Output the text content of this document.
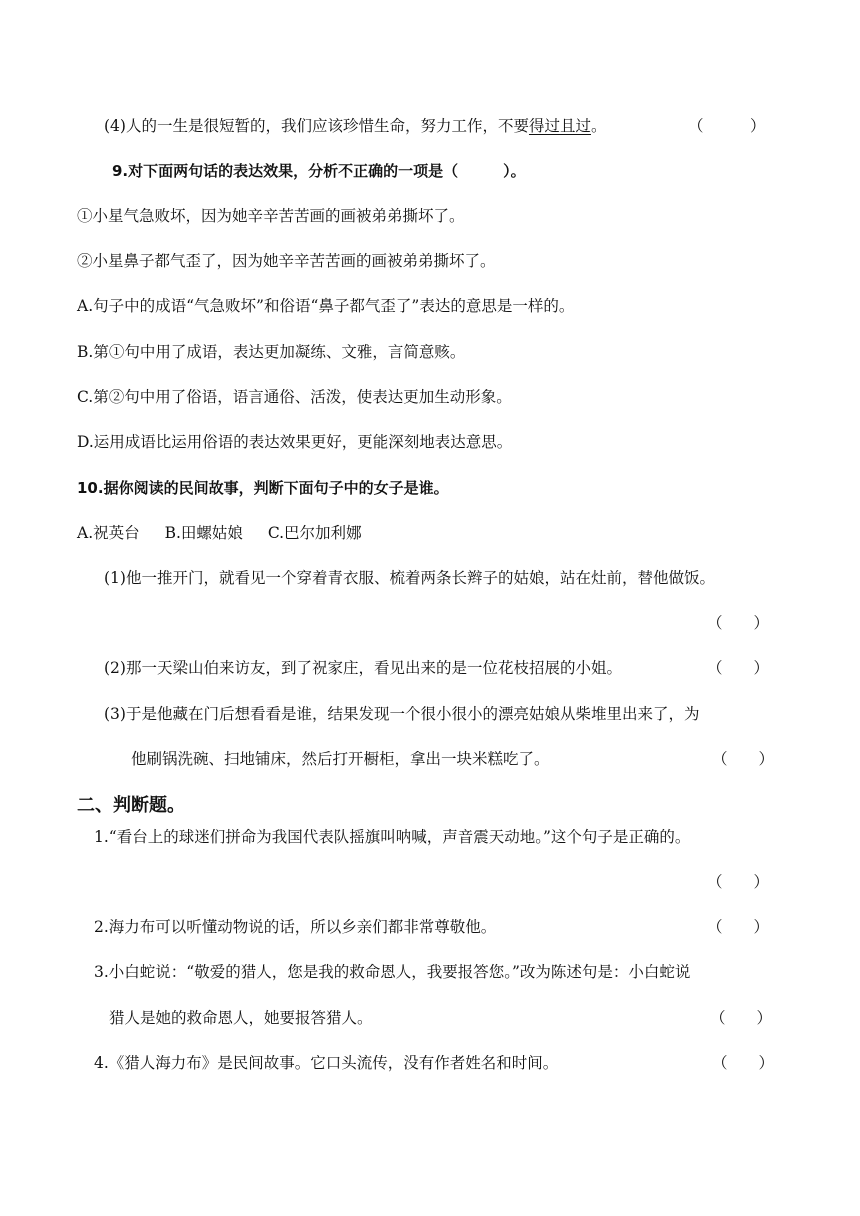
(4)人的一生是很短暂的，我们应该珍惜生命，努力工作，不要得过且过。	（　　　）
9.对下面两句话的表达效果，分析不正确的一项是（　　　）。
①小星气急败坏，因为她辛辛苦苦画的画被弟弟撕坏了。
②小星鼻子都气歪了，因为她辛辛苦苦画的画被弟弟撕坏了。
A.句子中的成语“气急败坏”和俗语“鼻子都气歪了”表达的意思是一样的。
B.第①句中用了成语，表达更加凝练、文雅，言简意赅。
C.第②句中用了俗语，语言通俗、活泼，使表达更加生动形象。
D.运用成语比运用俗语的表达效果更好，更能深刻地表达意思。
10.据你阅读的民间故事，判断下面句子中的女子是谁。
A.祝英台 B.田螺姑娘 C.巴尔加利娜
(1)他一推开门，就看见一个穿着青衣服、梳着两条长辫子的姑娘，站在灶前，替他做饭。
（　　）
(2)那一天梁山伯来访友，到了祝家庄，看见出来的是一位花枝招展的小姐。	（　　）
(3)于是他藏在门后想看看是谁，结果发现一个很小很小的漂亮姑娘从柴堆里出来了，为
他刷锅洗碗、扫地铺床，然后打开橱柜，拿出一块米糕吃了。	（　　）
二、判断题。
1.“看台上的球迷们拼命为我国代表队摇旗叫呐喊，声音震天动地。”这个句子是正确的。
（　　）
2.海力布可以听懂动物说的话，所以乡亲们都非常尊敬他。	（　　）
3.小白蛇说：“敬爱的猎人，您是我的救命恩人，我要报答您。”改为陈述句是：小白蛇说
猎人是她的救命恩人，她要报答猎人。	（　　）
4.《猎人海力布》是民间故事。它口头流传，没有作者姓名和时间。	（　　）
